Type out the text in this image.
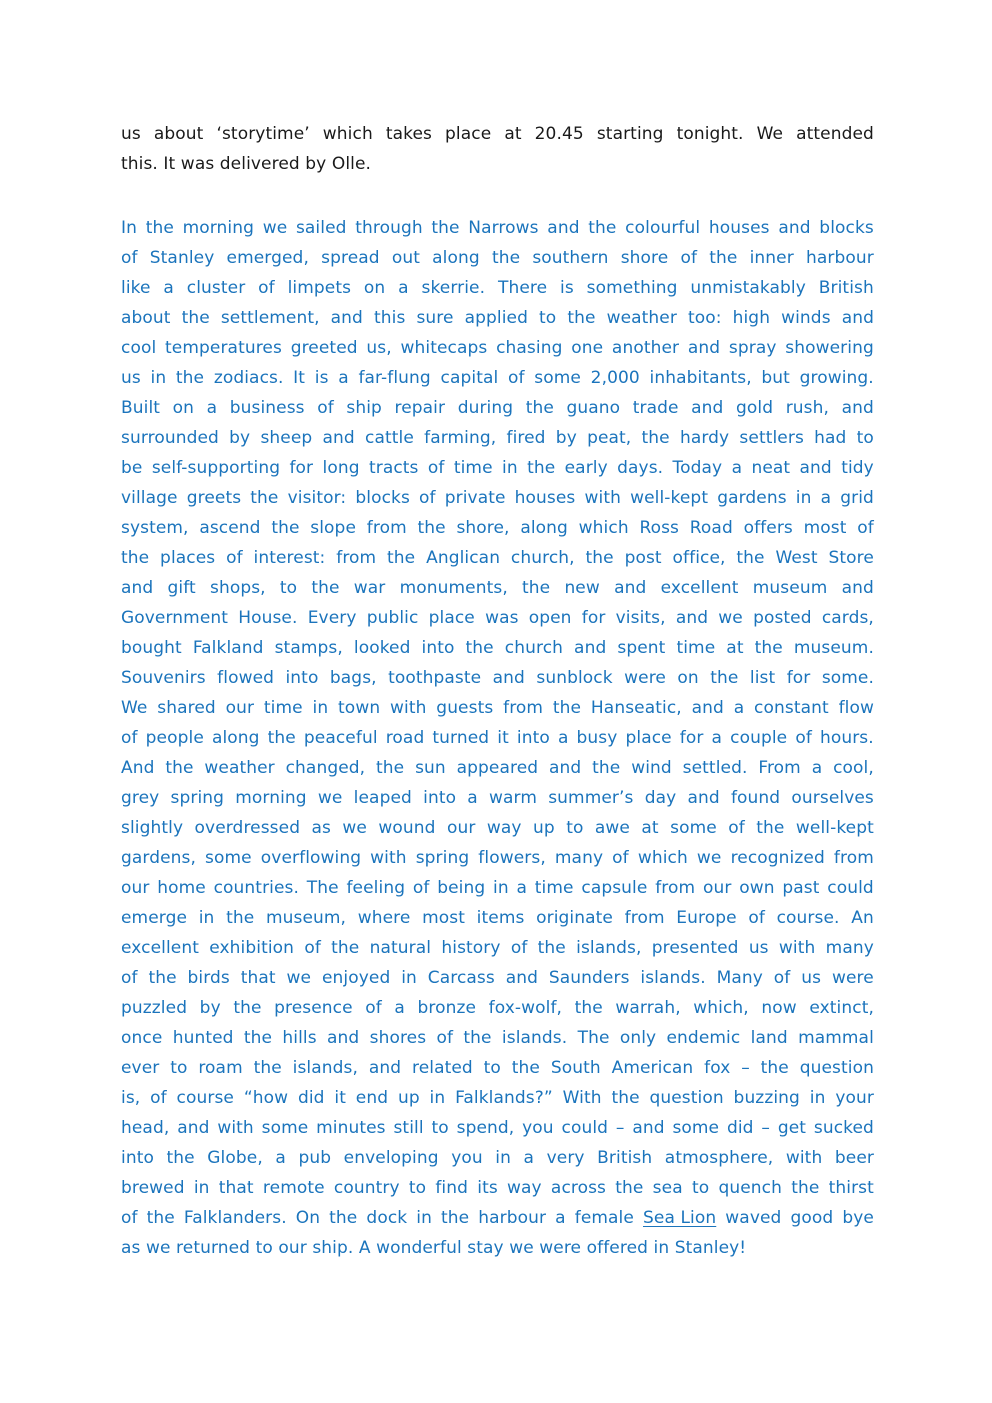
us about ‘storytime’ which takes place at 20.45 starting tonight. We attended
this. It was delivered by Olle.
In the morning we sailed through the Narrows and the colourful houses and blocks
of Stanley emerged, spread out along the southern shore of the inner harbour
like a cluster of limpets on a skerrie. There is something unmistakably British
about the settlement, and this sure applied to the weather too: high winds and
cool temperatures greeted us, whitecaps chasing one another and spray showering
us in the zodiacs. It is a far-flung capital of some 2,000 inhabitants, but growing.
Built on a business of ship repair during the guano trade and gold rush, and
surrounded by sheep and cattle farming, fired by peat, the hardy settlers had to
be self-supporting for long tracts of time in the early days. Today a neat and tidy
village greets the visitor: blocks of private houses with well-kept gardens in a grid
system, ascend the slope from the shore, along which Ross Road offers most of
the places of interest: from the Anglican church, the post office, the West Store
and gift shops, to the war monuments, the new and excellent museum and
Government House. Every public place was open for visits, and we posted cards,
bought Falkland stamps, looked into the church and spent time at the museum.
Souvenirs flowed into bags, toothpaste and sunblock were on the list for some.
We shared our time in town with guests from the Hanseatic, and a constant flow
of people along the peaceful road turned it into a busy place for a couple of hours.
And the weather changed, the sun appeared and the wind settled. From a cool,
grey spring morning we leaped into a warm summer’s day and found ourselves
slightly overdressed as we wound our way up to awe at some of the well-kept
gardens, some overflowing with spring flowers, many of which we recognized from
our home countries. The feeling of being in a time capsule from our own past could
emerge in the museum, where most items originate from Europe of course. An
excellent exhibition of the natural history of the islands, presented us with many
of the birds that we enjoyed in Carcass and Saunders islands. Many of us were
puzzled by the presence of a bronze fox-wolf, the warrah, which, now extinct,
once hunted the hills and shores of the islands. The only endemic land mammal
ever to roam the islands, and related to the South American fox – the question
is, of course “how did it end up in Falklands?” With the question buzzing in your
head, and with some minutes still to spend, you could – and some did – get sucked
into the Globe, a pub enveloping you in a very British atmosphere, with beer
brewed in that remote country to find its way across the sea to quench the thirst
of the Falklanders. On the dock in the harbour a female Sea Lion waved good bye
as we returned to our ship. A wonderful stay we were offered in Stanley!
